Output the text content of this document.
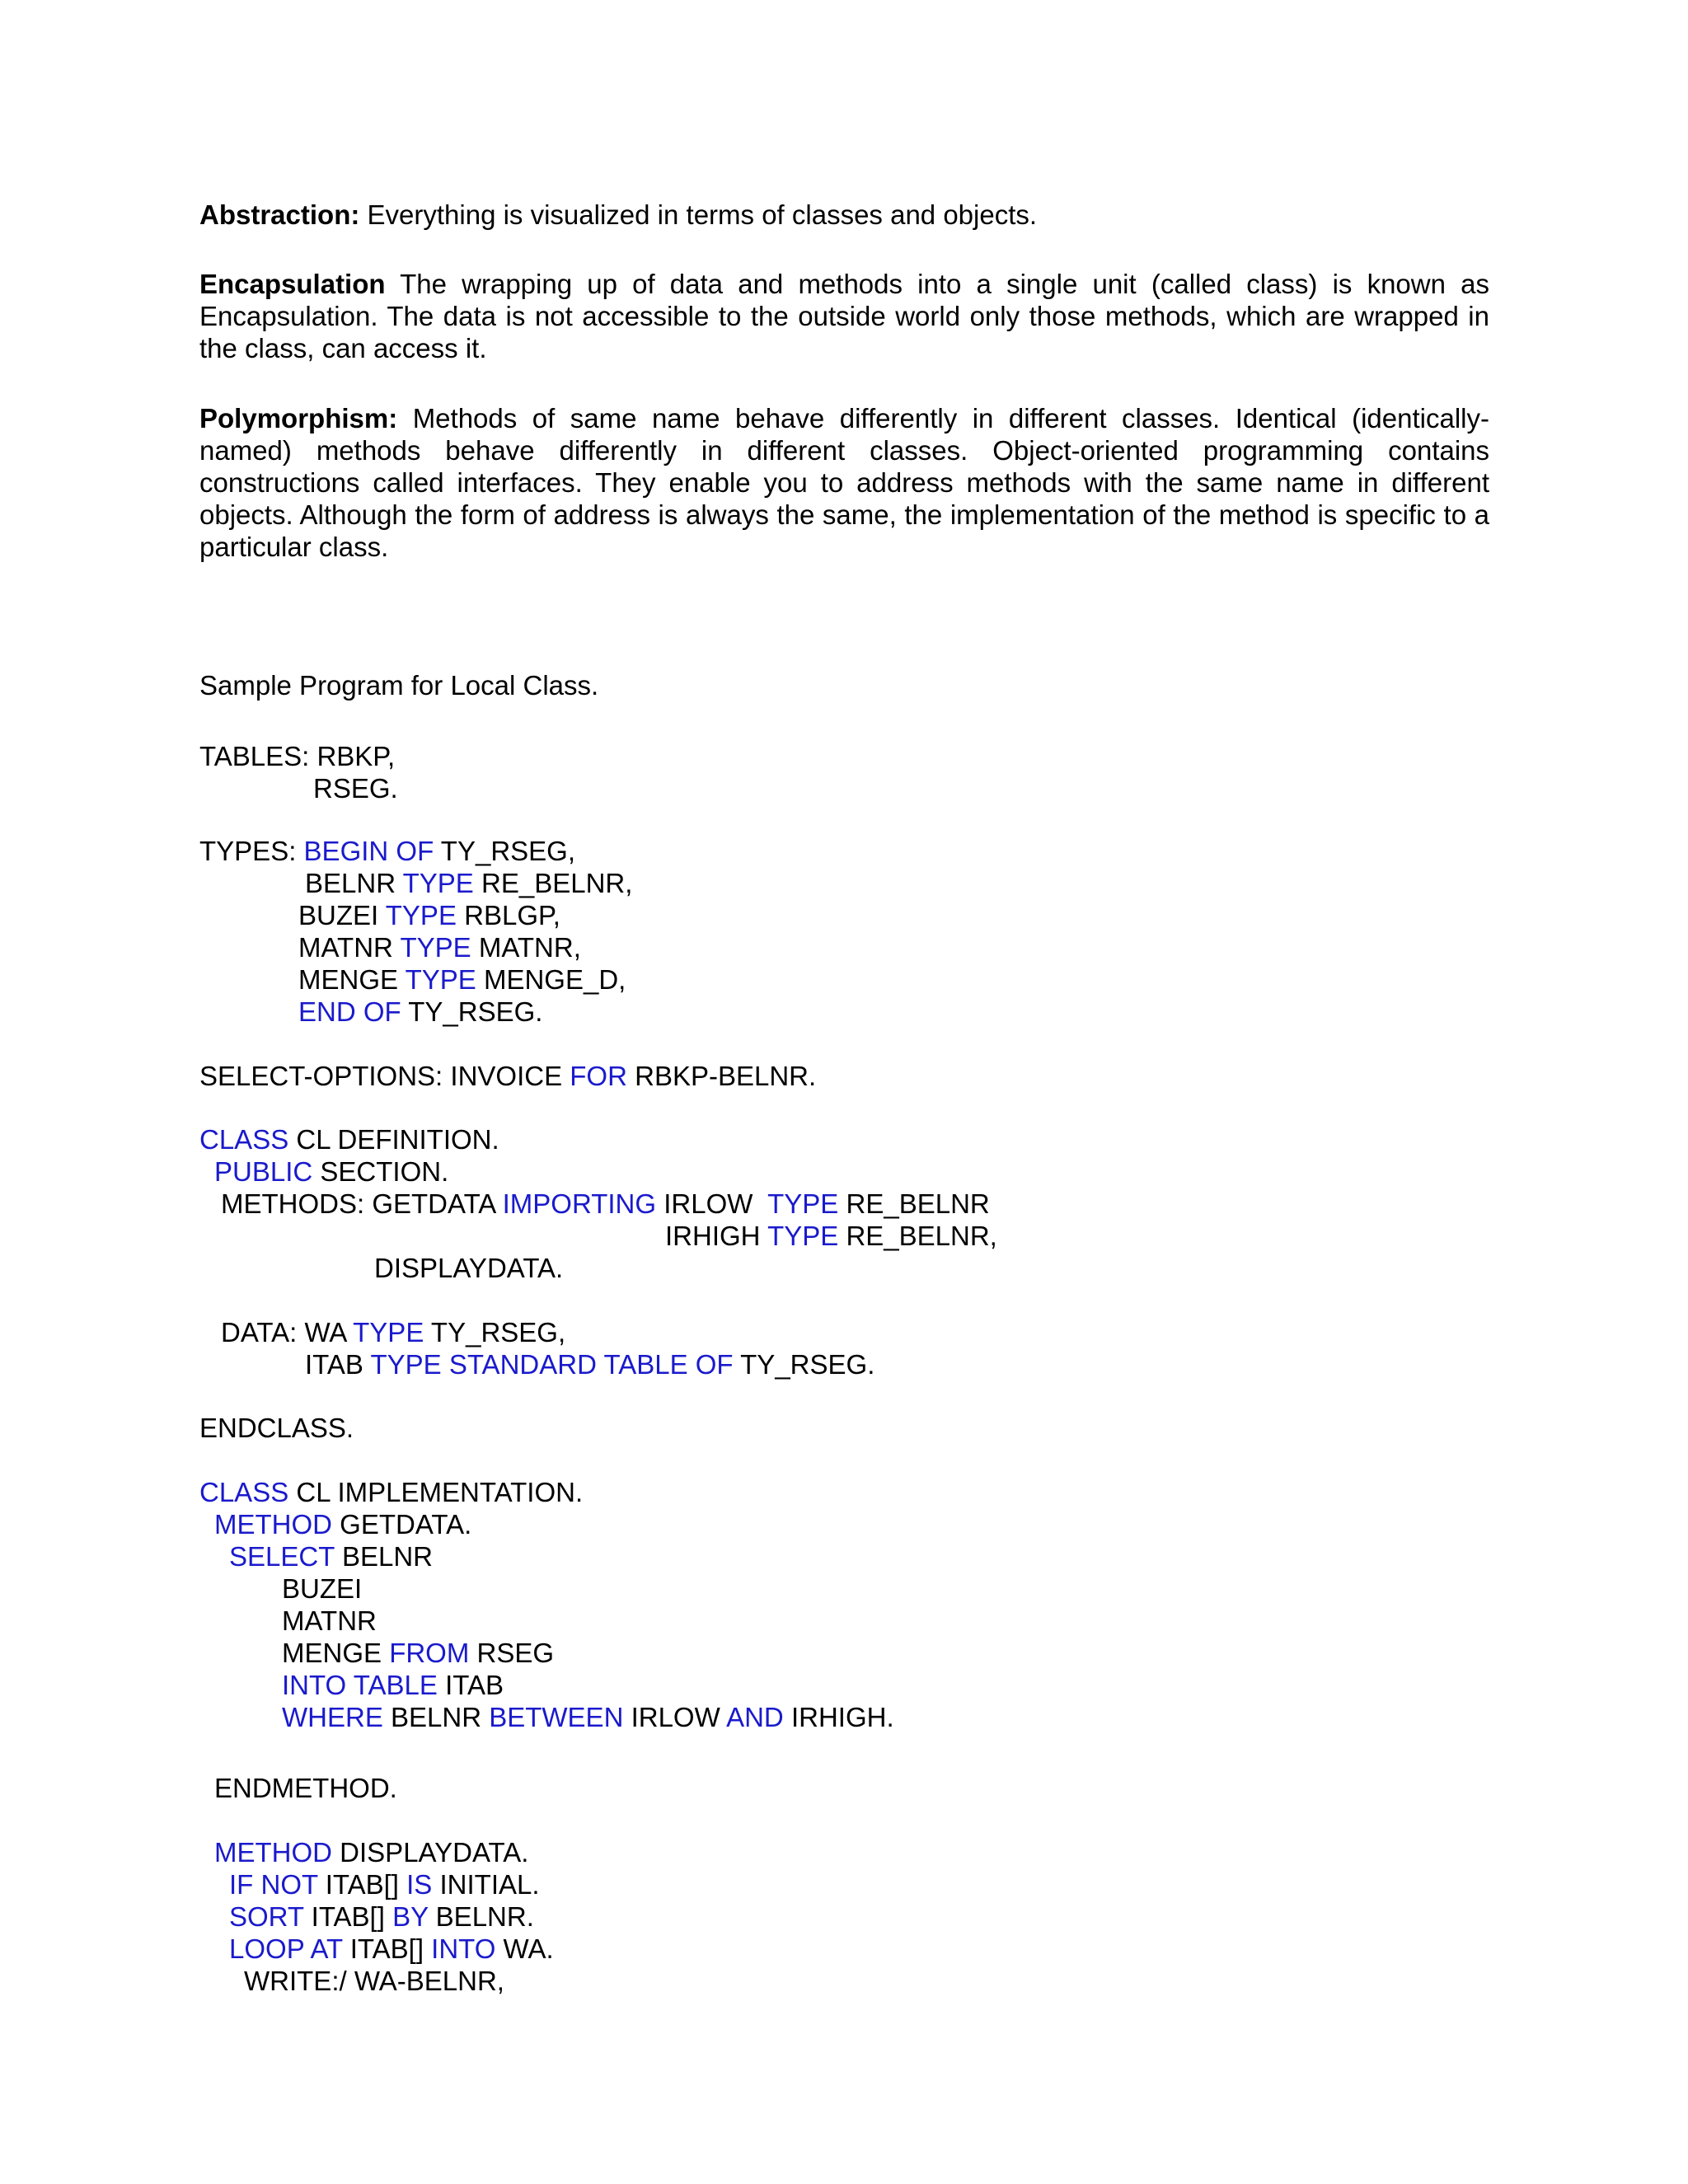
Abstraction: Everything is visualized in terms of classes and objects.

Encapsulation The wrapping up of data and methods into a single unit (called class) is known as Encapsulation. The data is not accessible to the outside world only those methods, which are wrapped in the class, can access it.

Polymorphism: Methods of same name behave differently in different classes. Identical (identically-named) methods behave differently in different classes. Object-oriented programming contains constructions called interfaces. They enable you to address methods with the same name in different objects. Although the form of address is always the same, the implementation of the method is specific to a particular class.

Sample Program for Local Class.

TABLES: RBKP,
RSEG.
TYPES: BEGIN OF TY_RSEG,
BELNR TYPE RE_BELNR,
BUZEI TYPE RBLGP,
MATNR TYPE MATNR,
MENGE TYPE MENGE_D,
END OF TY_RSEG.
SELECT-OPTIONS: INVOICE FOR RBKP-BELNR.
CLASS CL DEFINITION.
PUBLIC SECTION.
METHODS: GETDATA IMPORTING IRLOW  TYPE RE_BELNR
IRHIGH TYPE RE_BELNR,
DISPLAYDATA.
DATA: WA TYPE TY_RSEG,
ITAB TYPE STANDARD TABLE OF TY_RSEG.
ENDCLASS.
CLASS CL IMPLEMENTATION.
METHOD GETDATA.
SELECT BELNR
BUZEI
MATNR
MENGE FROM RSEG
INTO TABLE ITAB
WHERE BELNR BETWEEN IRLOW AND IRHIGH.
ENDMETHOD.
METHOD DISPLAYDATA.
IF NOT ITAB[] IS INITIAL.
SORT ITAB[] BY BELNR.
LOOP AT ITAB[] INTO WA.
WRITE:/ WA-BELNR,
